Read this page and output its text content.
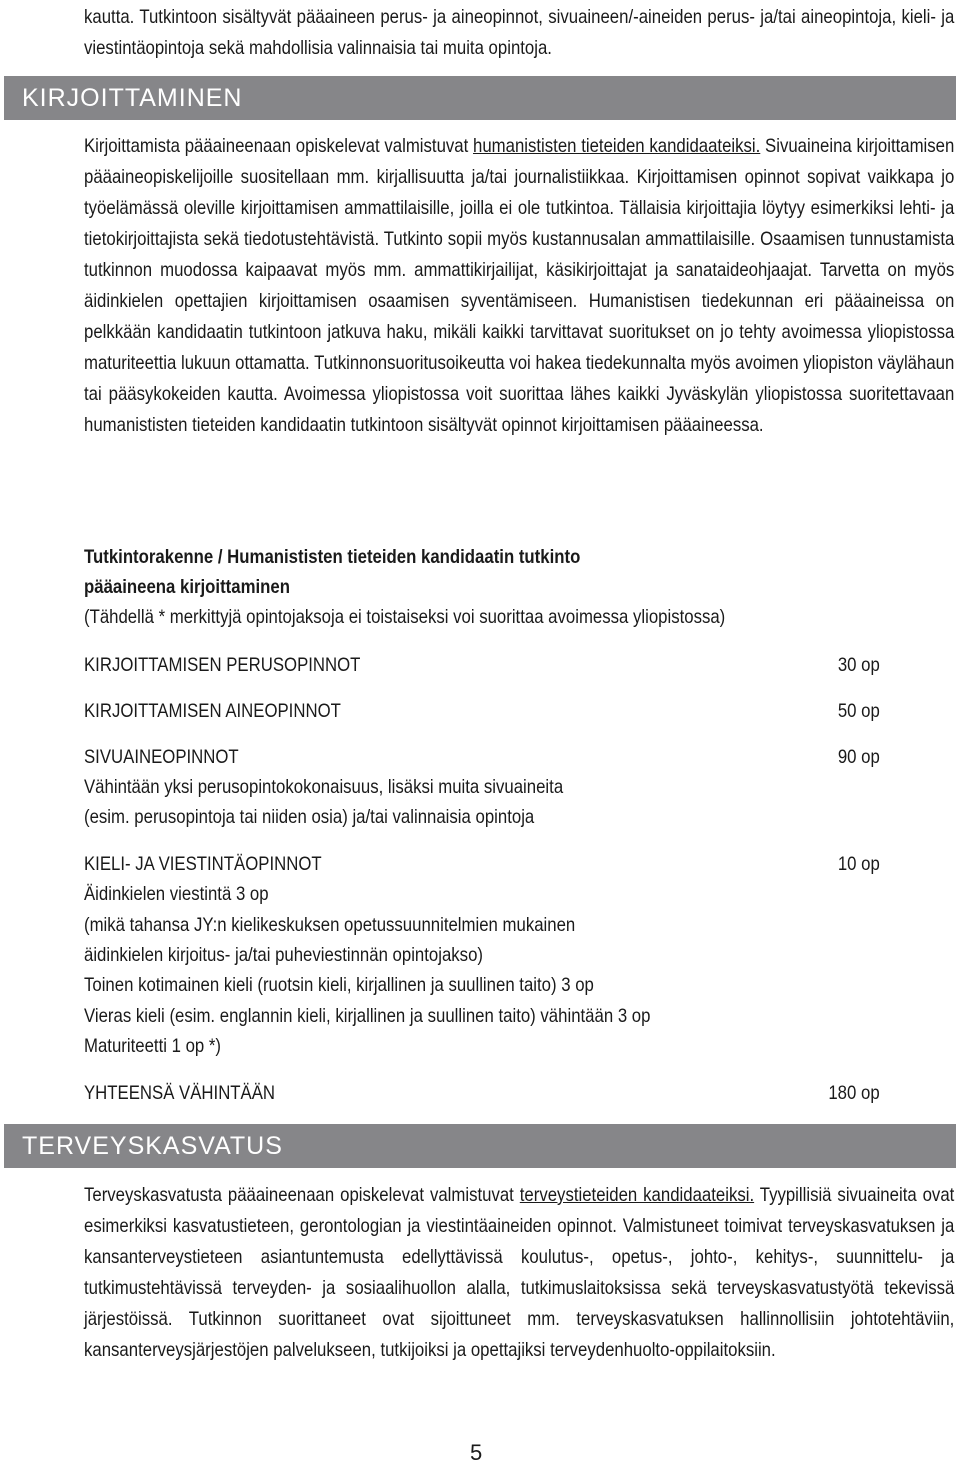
kautta. Tutkintoon sisältyvät pääaineen perus- ja aineopinnot, sivuaineen/-aineiden perus- ja/tai aineopintoja, kieli- ja viestintäopintoja sekä mahdollisia valinnaisia tai muita opintoja.
KIRJOITTAMINEN
Kirjoittamista pääaineenaan opiskelevat valmistuvat humanististen tieteiden kandidaateiksi. Sivuaineina kirjoittamisen pääaineopiskelijoille suositellaan mm. kirjallisuutta ja/tai journalistiikkaa. Kirjoittamisen opinnot sopivat vaikkapa jo työelämässä oleville kirjoittamisen ammattilaisille, joilla ei ole tutkintoa. Tällaisia kirjoittajia löytyy esimerkiksi lehti- ja tietokirjoittajista sekä tiedotustehtävistä. Tutkinto sopii myös kustannusalan ammattilaisille. Osaamisen tunnustamista tutkinnon muodossa kaipaavat myös mm. ammattikirjailijat, käsikirjoittajat ja sanataideohjaajat. Tarvetta on myös äidinkielen opettajien kirjoittamisen osaamisen syventämiseen. Humanistisen tiedekunnan eri pääaineissa on pelkkään kandidaatin tutkintoon jatkuva haku, mikäli kaikki tarvittavat suoritukset on jo tehty avoimessa yliopistossa maturiteettia lukuun ottamatta. Tutkinnonsuoritusoikeutta voi hakea tiedekunnalta myös avoimen yliopiston väylähaun tai pääsykokeiden kautta. Avoimessa yliopistossa voit suorittaa lähes kaikki Jyväskylän yliopistossa suoritettavaan humanististen tieteiden kandidaatin tutkintoon sisältyvät opinnot kirjoittamisen pääaineessa.
Tutkintorakenne / Humanististen tieteiden kandidaatin tutkinto
pääaineena kirjoittaminen
(Tähdellä * merkittyjä opintojaksoja ei toistaiseksi voi suorittaa avoimessa yliopistossa)
KIRJOITTAMISEN PERUSOPINNOT	30 op
KIRJOITTAMISEN AINEOPINNOT	50 op
SIVUAINEOPINNOT	90 op
Vähintään yksi perusopintokokonaisuus, lisäksi muita sivuaineita
(esim. perusopintoja tai niiden osia) ja/tai valinnaisia opintoja
KIELI- JA VIESTINTÄOPINNOT	10 op
Äidinkielen viestintä 3 op
(mikä tahansa JY:n kielikeskuksen opetussuunnitelmien mukainen
äidinkielen kirjoitus- ja/tai puheviestinnän opintojakso)
Toinen kotimainen kieli (ruotsin kieli, kirjallinen ja suullinen taito) 3 op
Vieras kieli (esim. englannin kieli, kirjallinen ja suullinen taito) vähintään 3 op
Maturiteetti 1 op *)
YHTEENSÄ VÄHINTÄÄN	180 op
TERVEYSKASVATUS
Terveyskasvatusta pääaineenaan opiskelevat valmistuvat terveystieteiden kandidaateiksi. Tyypillisiä sivuaineita ovat esimerkiksi kasvatustieteen, gerontologian ja viestintäaineiden opinnot. Valmistuneet toimivat terveyskasvatuksen ja kansanterveystieteen asiantuntemusta edellyttävissä koulutus-, opetus-, johto-, kehitys-, suunnittelu- ja tutkimustehtävissä terveyden- ja sosiaalihuollon alalla, tutkimuslaitoksissa sekä terveyskasvatustyötä tekevissä järjestöissä. Tutkinnon suorittaneet ovat sijoittuneet mm. terveyskasvatuksen hallinnollisiin johtotehtäviin, kansanterveysjärjestöjen palvelukseen, tutkijoiksi ja opettajiksi terveydenhuolto-oppilaitoksiin.
5
